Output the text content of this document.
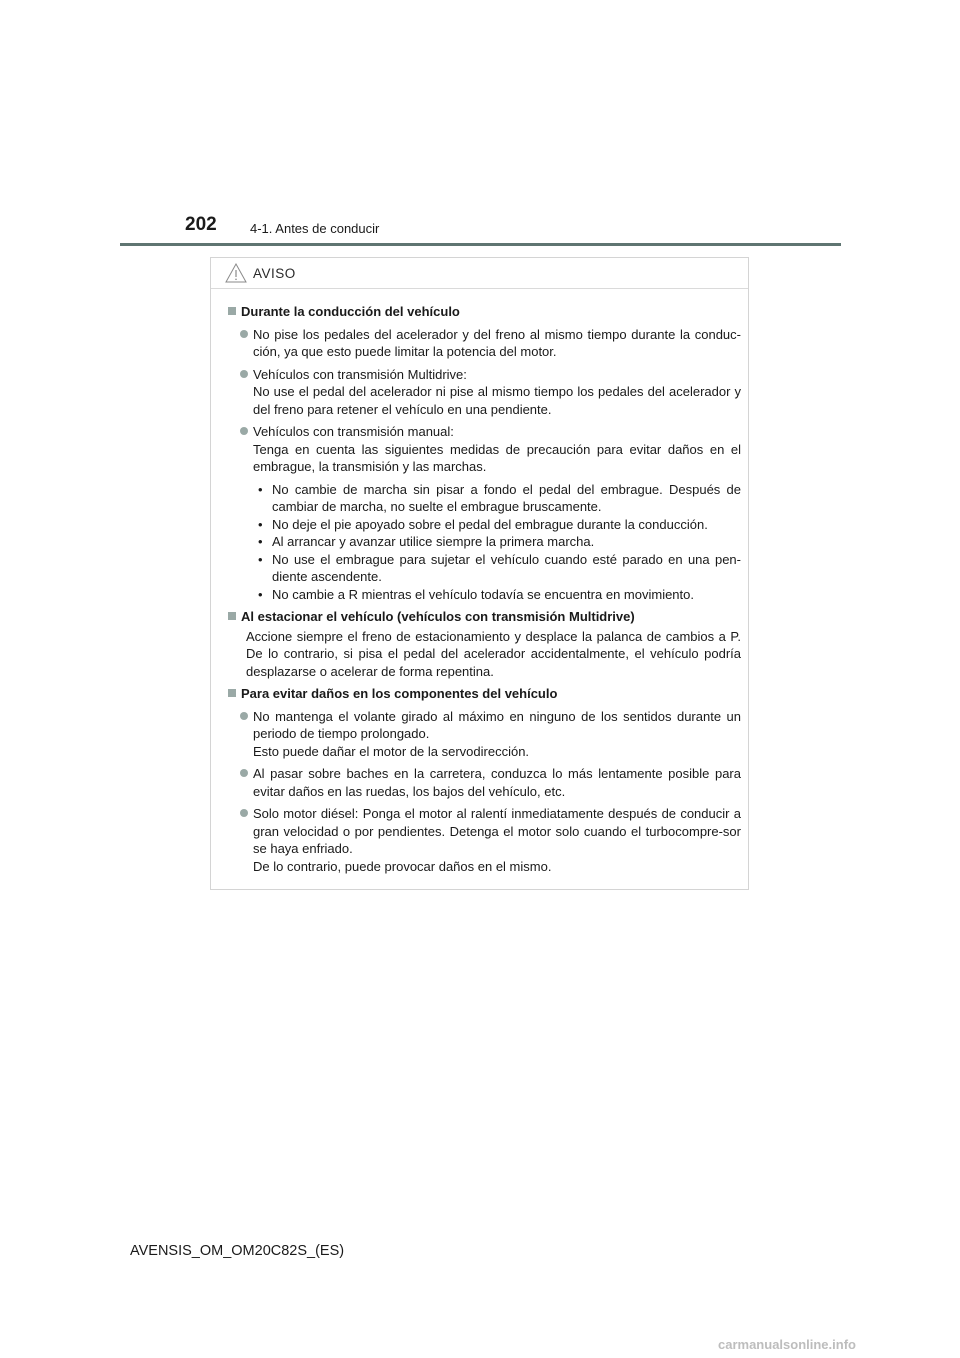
202	4-1. Antes de conducir
AVISO
Durante la conducción del vehículo
No pise los pedales del acelerador y del freno al mismo tiempo durante la conduc-ción, ya que esto puede limitar la potencia del motor.
Vehículos con transmisión Multidrive:
No use el pedal del acelerador ni pise al mismo tiempo los pedales del acelerador y del freno para retener el vehículo en una pendiente.
Vehículos con transmisión manual:
Tenga en cuenta las siguientes medidas de precaución para evitar daños en el embrague, la transmisión y las marchas.
• No cambie de marcha sin pisar a fondo el pedal del embrague. Después de cambiar de marcha, no suelte el embrague bruscamente.
• No deje el pie apoyado sobre el pedal del embrague durante la conducción.
• Al arrancar y avanzar utilice siempre la primera marcha.
• No use el embrague para sujetar el vehículo cuando esté parado en una pen-diente ascendente.
• No cambie a R mientras el vehículo todavía se encuentra en movimiento.
Al estacionar el vehículo (vehículos con transmisión Multidrive)
Accione siempre el freno de estacionamiento y desplace la palanca de cambios a P. De lo contrario, si pisa el pedal del acelerador accidentalmente, el vehículo podría desplazarse o acelerar de forma repentina.
Para evitar daños en los componentes del vehículo
No mantenga el volante girado al máximo en ninguno de los sentidos durante un periodo de tiempo prolongado.
Esto puede dañar el motor de la servodirección.
Al pasar sobre baches en la carretera, conduzca lo más lentamente posible para evitar daños en las ruedas, los bajos del vehículo, etc.
Solo motor diésel: Ponga el motor al ralentí inmediatamente después de conducir a gran velocidad o por pendientes. Detenga el motor solo cuando el turbocompre-sor se haya enfriado.
De lo contrario, puede provocar daños en el mismo.
AVENSIS_OM_OM20C82S_(ES)
carmanualsonline.info
